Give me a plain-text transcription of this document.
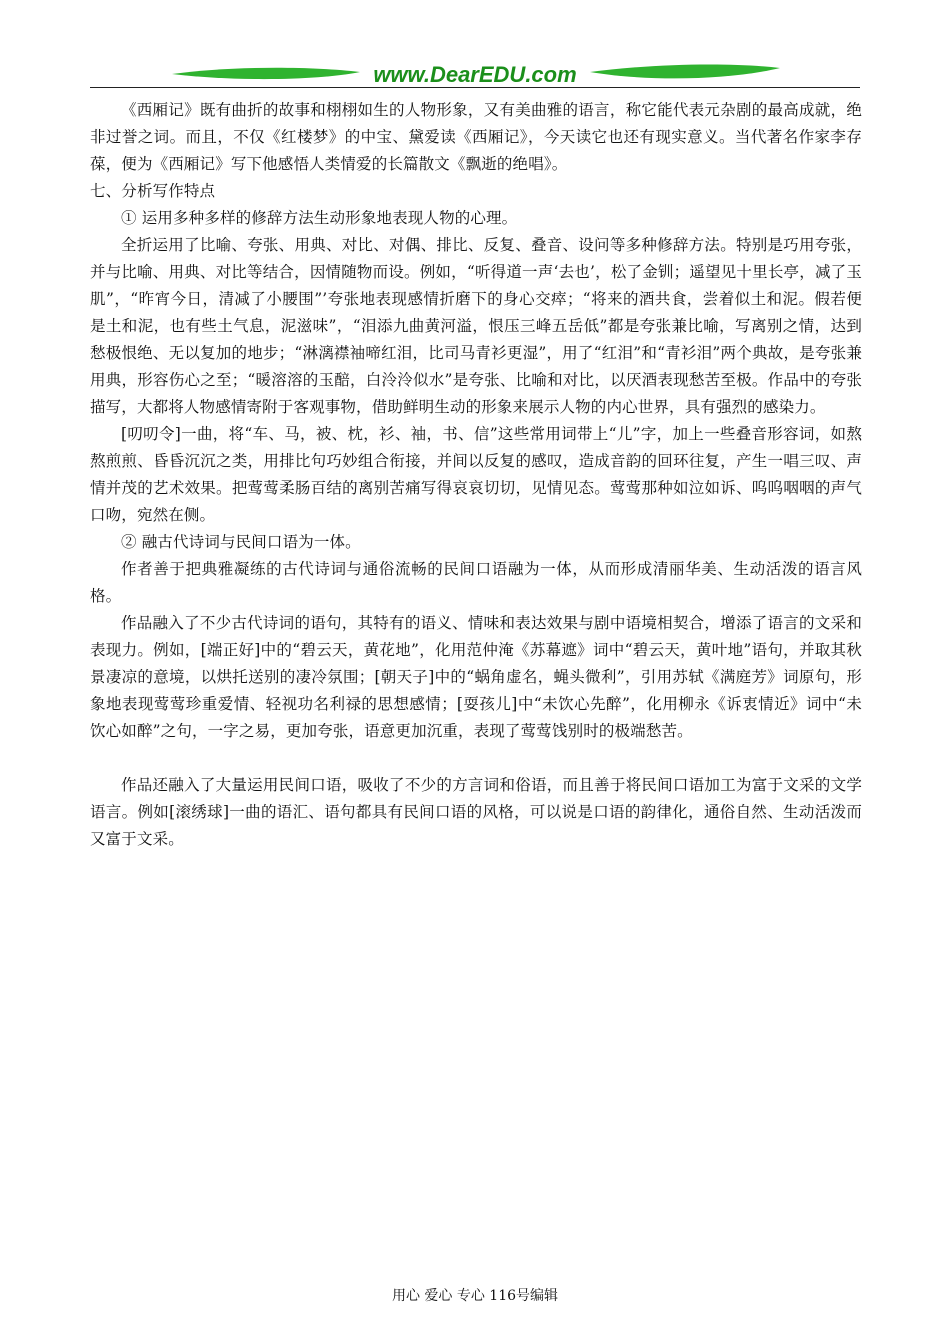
www.DearEDU.com

《西厢记》既有曲折的故事和栩栩如生的人物形象，又有美曲雅的语言，称它能代表元杂剧的最高成就，绝非过誉之词。而且，不仅《红楼梦》的中宝、黛爱读《西厢记》，今天读它也还有现实意义。当代著名作家李存葆，便为《西厢记》写下他感悟人类情爱的长篇散文《飘逝的绝唱》。

七、分析写作特点

① 运用多种多样的修辞方法生动形象地表现人物的心理。

全折运用了比喻、夸张、用典、对比、对偶、排比、反复、叠音、设问等多种修辞方法。特别是巧用夸张，并与比喻、用典、对比等结合，因情随物而设。例如，“听得道一声‘去也’，松了金钏；遥望见十里长亭，减了玉肌”，“昨宵今日，清减了小腰围”’夸张地表现感情折磨下的身心交瘁；“将来的酒共食，尝着似土和泥。假若便是土和泥，也有些土气息，泥滋味”，“泪添九曲黄河溢，恨压三峰五岳低”都是夸张兼比喻，写离别之情，达到愁极恨绝、无以复加的地步；“淋漓襟袖啼红泪，比司马青衫更湿”，用了“红泪”和“青衫泪”两个典故，是夸张兼用典，形容伤心之至；“暖溶溶的玉醅，白泠泠似水”是夸张、比喻和对比，以厌酒表现愁苦至极。作品中的夸张描写，大都将人物感情寄附于客观事物，借助鲜明生动的形象来展示人物的内心世界，具有强烈的感染力。

[叨叨令]一曲，将“车、马，被、枕，衫、袖，书、信”这些常用词带上“儿”字，加上一些叠音形容词，如熬熬煎煎、昏昏沉沉之类，用排比句巧妙组合衔接，并间以反复的感叹，造成音韵的回环往复，产生一唱三叹、声情并茂的艺术效果。把莺莺柔肠百结的离别苦痛写得哀哀切切，见情见态。莺莺那种如泣如诉、呜呜咽咽的声气口吻，宛然在侧。

② 融古代诗词与民间口语为一体。

作者善于把典雅凝练的古代诗词与通俗流畅的民间口语融为一体，从而形成清丽华美、生动活泼的语言风格。

作品融入了不少古代诗词的语句，其特有的语义、情味和表达效果与剧中语境相契合，增添了语言的文采和表现力。例如，[端正好]中的“碧云天，黄花地”，化用范仲淹《苏幕遮》词中“碧云天，黄叶地”语句，并取其秋景凄凉的意境，以烘托送别的凄冷氛围；[朝天子]中的“蜗角虚名，蝇头微利”，引用苏轼《满庭芳》词原句，形象地表现莺莺珍重爱情、轻视功名利禄的思想感情；[耍孩儿]中“未饮心先醉”，化用柳永《诉衷情近》词中“未饮心如醉”之句，一字之易，更加夸张，语意更加沉重，表现了莺莺饯别时的极端愁苦。

作品还融入了大量运用民间口语，吸收了不少的方言词和俗语，而且善于将民间口语加工为富于文采的文学语言。例如[滚绣球]一曲的语汇、语句都具有民间口语的风格，可以说是口语的韵律化，通俗自然、生动活泼而又富于文采。

用心 爱心 专心 116号编辑
